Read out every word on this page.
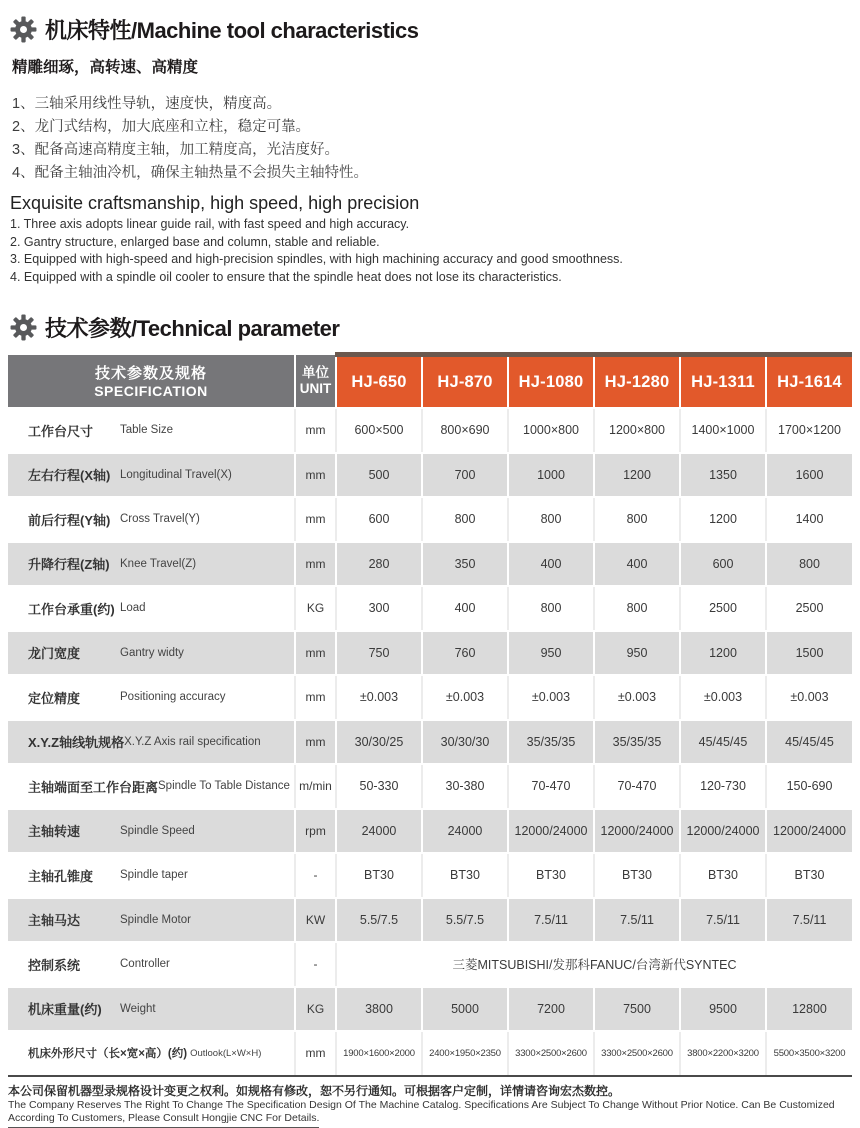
机床特性/Machine tool characteristics
精雕细琢，高转速、高精度
1、三轴采用线性导轨，速度快，精度高。
2、龙门式结构，加大底座和立柱，稳定可靠。
3、配备高速高精度主轴，加工精度高，光洁度好。
4、配备主轴油冷机，确保主轴热量不会损失主轴特性。
Exquisite craftsmanship, high speed, high precision
1. Three axis adopts linear guide rail, with fast speed and high accuracy.
2. Gantry structure, enlarged base and column, stable and reliable.
3. Equipped with high-speed and high-precision spindles, with high machining accuracy and good smoothness.
4. Equipped with a spindle oil cooler to ensure that the spindle heat does not lose its characteristics.
技术参数/Technical parameter
技术参数及规格
SPECIFICATION

单位
UNIT	HJ-650	HJ-870	HJ-1080	HJ-1280	HJ-1311	HJ-1614

工作台尺寸 Table Size	mm	600×500	800×690	1000×800	1200×800	1400×1000	1700×1200

左右行程(X轴) Longitudinal Travel(X)	mm	500	700	1000	1200	1350	1600

前后行程(Y轴) Cross Travel(Y)	mm	600	800	800	800	1200	1400

升降行程(Z轴) Knee Travel(Z)	mm	280	350	400	400	600	800

工作台承重(约) Load	KG	300	400	800	800	2500	2500

龙门宽度 Gantry widty	mm	750	760	950	950	1200	1500

定位精度 Positioning accuracy	mm	±0.003	±0.003	±0.003	±0.003	±0.003	±0.003

X.Y.Z轴线轨规格 X.Y.Z Axis rail specification	mm	30/30/25	30/30/30	35/35/35	35/35/35	45/45/45	45/45/45

主轴端面至工作台距离 Spindle To Table Distance	m/min	50-330	30-380	70-470	70-470	120-730	150-690

主轴转速 Spindle Speed	rpm	24000	24000	12000/24000	12000/24000	12000/24000	12000/24000

主轴孔锥度 Spindle taper	-	BT30	BT30	BT30	BT30	BT30	BT30

主轴马达 Spindle Motor	KW	5.5/7.5	5.5/7.5	7.5/11	7.5/11	7.5/11	7.5/11

控制系统 Controller	-	三菱MITSUBISHI/发那科FANUC/台湾新代SYNTEC					

机床重量(约) Weight	KG	3800	5000	7200	7500	9500	12800

机床外形尺寸（长×宽×高）(约) Outlook(L×W×H)	mm	1900×1600×2000	2400×1950×2350	3300×2500×2600	3300×2500×2600	3800×2200×3200	5500×3500×3200
本公司保留机器型录规格设计变更之权利。如规格有修改，恕不另行通知。可根据客户定制，详情请咨询宏杰数控。
The Company Reserves The Right To Change The Specification Design Of The Machine Catalog. Specifications Are Subject To Change Without Prior Notice. Can Be Customized
According To Customers, Please Consult Hongjie CNC For Details.
